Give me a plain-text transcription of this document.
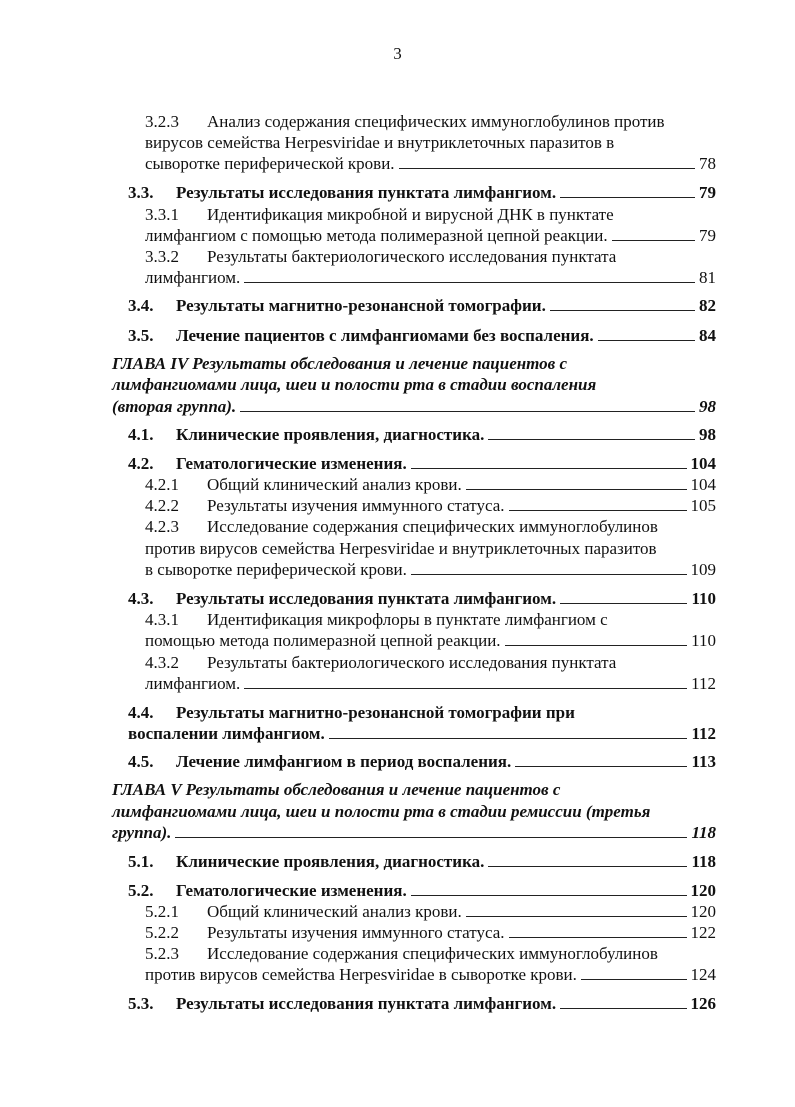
3
3.2.3	Анализ содержания специфических иммуноглобулинов против
вирусов семейства Herpesviridae и внутриклеточных паразитов в
сыворотке периферической крови.	78
3.3.	Результаты исследования пунктата лимфангиом.	79
3.3.1	Идентификация микробной и вирусной ДНК в пунктате
лимфангиом с помощью метода полимеразной цепной реакции.	79
3.3.2	Результаты бактериологического исследования пунктата
лимфангиом.	81
3.4.	Результаты магнитно-резонансной томографии.	82
3.5.	Лечение пациентов с лимфангиомами без воспаления.	84
ГЛАВА IV Результаты обследования и лечение пациентов с
лимфангиомами лица, шеи и полости рта в стадии воспаления
(вторая группа).	98
4.1.	Клинические проявления, диагностика.	98
4.2.	Гематологические изменения.	104
4.2.1	Общий клинический анализ крови.	104
4.2.2	Результаты изучения иммунного статуса.	105
4.2.3	Исследование содержания специфических иммуноглобулинов
против вирусов семейства Herpesviridae и внутриклеточных паразитов
в сыворотке периферической крови.	109
4.3.	Результаты исследования пунктата лимфангиом.	110
4.3.1	Идентификация микрофлоры в пунктате лимфангиом с
помощью метода полимеразной цепной реакции.	110
4.3.2	Результаты бактериологического исследования пунктата
лимфангиом.	112
4.4.	Результаты магнитно-резонансной томографии при
воспалении лимфангиом.	112
4.5.	Лечение лимфангиом в период воспаления.	113
ГЛАВА V Результаты обследования и лечение пациентов с
лимфангиомами лица, шеи и полости рта в стадии ремиссии (третья
группа).	118
5.1.	Клинические проявления, диагностика.	118
5.2.	Гематологические изменения.	120
5.2.1	Общий клинический анализ крови.	120
5.2.2	Результаты изучения иммунного статуса.	122
5.2.3	Исследование содержания специфических иммуноглобулинов
против вирусов семейства Herpesviridae в сыворотке крови.	124
5.3.	Результаты исследования пунктата лимфангиом.	126
